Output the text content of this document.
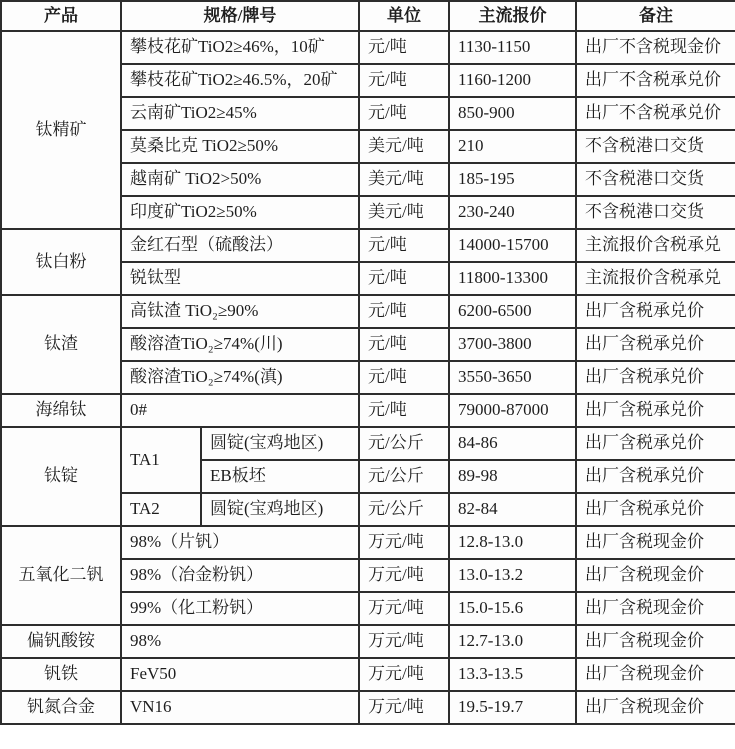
产品	规格/牌号		单位	主流报价	备注
钛精矿	攀枝花矿TiO2≥46%，10矿		元/吨	1130-1150	出厂不含税现金价
	攀枝花矿TiO2≥46.5%，20矿		元/吨	1160-1200	出厂不含税承兑价
	云南矿TiO2≥45%		元/吨	850-900	出厂不含税承兑价
	莫桑比克 TiO2≥50%		美元/吨	210	不含税港口交货
	越南矿 TiO2>50%		美元/吨	185-195	不含税港口交货
	印度矿TiO2≥50%		美元/吨	230-240	不含税港口交货
钛白粉	金红石型（硫酸法）		元/吨	14000-15700	主流报价含税承兑
	锐钛型		元/吨	11800-13300	主流报价含税承兑
钛渣	高钛渣 TiO₂≥90%		元/吨	6200-6500	出厂含税承兑价
	酸溶渣TiO₂≥74%(川)		元/吨	3700-3800	出厂含税承兑价
	酸溶渣TiO₂≥74%(滇)		元/吨	3550-3650	出厂含税承兑价
海绵钛	0#		元/吨	79000-87000	出厂含税承兑价
钛锭	TA1	圆锭(宝鸡地区)	元/公斤	84-86	出厂含税承兑价
		EB板坯	元/公斤	89-98	出厂含税承兑价
	TA2	圆锭(宝鸡地区)	元/公斤	82-84	出厂含税承兑价
五氧化二钒	98%（片钒）		万元/吨	12.8-13.0	出厂含税现金价
	98%（冶金粉钒）		万元/吨	13.0-13.2	出厂含税现金价
	99%（化工粉钒）		万元/吨	15.0-15.6	出厂含税现金价
偏钒酸铵	98%		万元/吨	12.7-13.0	出厂含税现金价
钒铁	FeV50		万元/吨	13.3-13.5	出厂含税现金价
钒氮合金	VN16		万元/吨	19.5-19.7	出厂含税现金价
